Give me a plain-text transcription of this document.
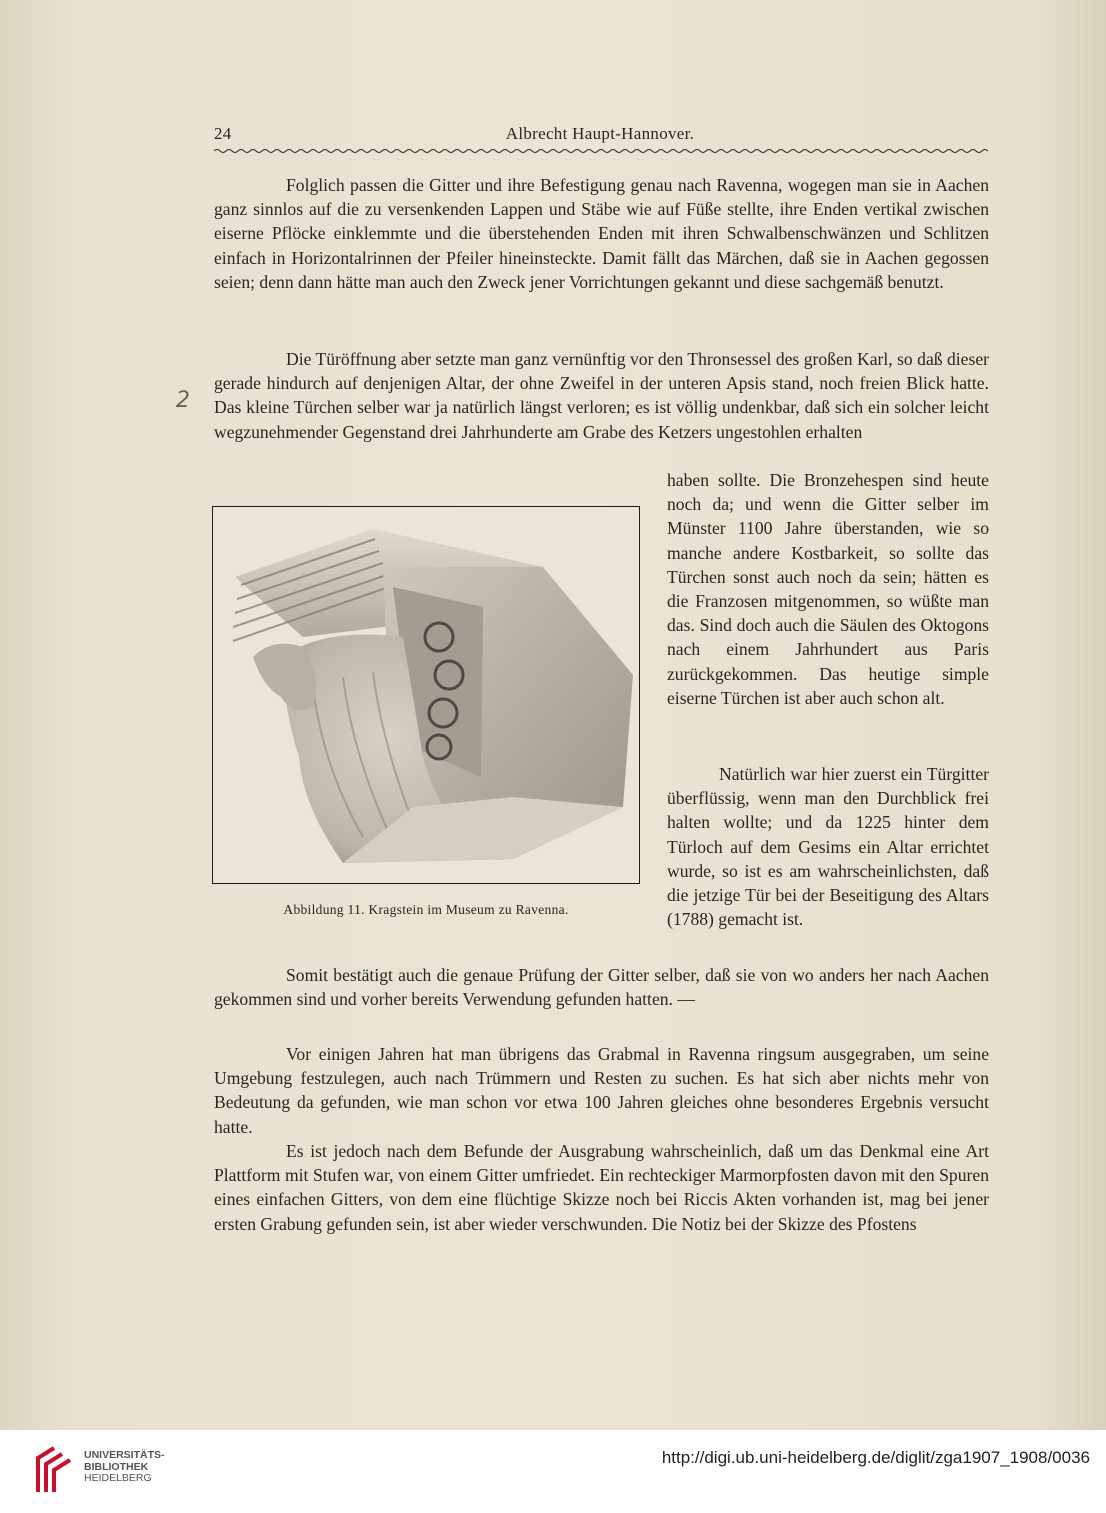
24	Albrecht Haupt-Hannover.
2

Folglich passen die Gitter und ihre Befestigung genau nach Ravenna, wogegen man sie in Aachen ganz sinnlos auf die zu versenkenden Lappen und Stäbe wie auf Füße stellte, ihre Enden vertikal zwischen eiserne Pflöcke einklemmte und die überstehenden Enden mit ihren Schwalbenschwänzen und Schlitzen einfach in Horizontalrinnen der Pfeiler hineinsteckte. Damit fällt das Märchen, daß sie in Aachen gegossen seien; denn dann hätte man auch den Zweck jener Vorrichtungen gekannt und diese sachgemäß benutzt.

Die Türöffnung aber setzte man ganz vernünftig vor den Thronsessel des großen Karl, so daß dieser gerade hindurch auf denjenigen Altar, der ohne Zweifel in der unteren Apsis stand, noch freien Blick hatte. Das kleine Türchen selber war ja natürlich längst verloren; es ist völlig undenkbar, daß sich ein solcher leicht wegzunehmender Gegenstand drei Jahrhunderte am Grabe des Ketzers ungestohlen erhalten

haben sollte. Die Bronzehespen sind heute noch da; und wenn die Gitter selber im Münster 1100 Jahre überstanden, wie so manche andere Kostbarkeit, so sollte das Türchen sonst auch noch da sein; hätten es die Franzosen mitgenommen, so wüßte man das. Sind doch auch die Säulen des Oktogons nach einem Jahrhundert aus Paris zurückgekommen. Das heutige simple eiserne Türchen ist aber auch schon alt.
Natürlich war hier zuerst ein Türgitter überflüssig, wenn man den Durchblick frei halten wollte; und da 1225 hinter dem Türloch auf dem Gesims ein Altar errichtet wurde, so ist es am wahrscheinlichsten, daß die jetzige Tür bei der Beseitigung des Altars (1788) gemacht ist.
Abbildung 11. Kragstein im Museum zu Ravenna.

Somit bestätigt auch die genaue Prüfung der Gitter selber, daß sie von wo anders her nach Aachen gekommen sind und vorher bereits Verwendung gefunden hatten. —

Vor einigen Jahren hat man übrigens das Grabmal in Ravenna ringsum ausgegraben, um seine Umgebung festzulegen, auch nach Trümmern und Resten zu suchen. Es hat sich aber nichts mehr von Bedeutung da gefunden, wie man schon vor etwa 100 Jahren gleiches ohne besonderes Ergebnis versucht hatte.

Es ist jedoch nach dem Befunde der Ausgrabung wahrscheinlich, daß um das Denkmal eine Art Plattform mit Stufen war, von einem Gitter umfriedet. Ein rechteckiger Marmorpfosten davon mit den Spuren eines einfachen Gitters, von dem eine flüchtige Skizze noch bei Riccis Akten vorhanden ist, mag bei jener ersten Grabung gefunden sein, ist aber wieder verschwunden. Die Notiz bei der Skizze des Pfostens

UNIVERSITÄTS-
BIBLIOTHEK
HEIDELBERG
http://digi.ub.uni-heidelberg.de/diglit/zga1907_1908/0036
